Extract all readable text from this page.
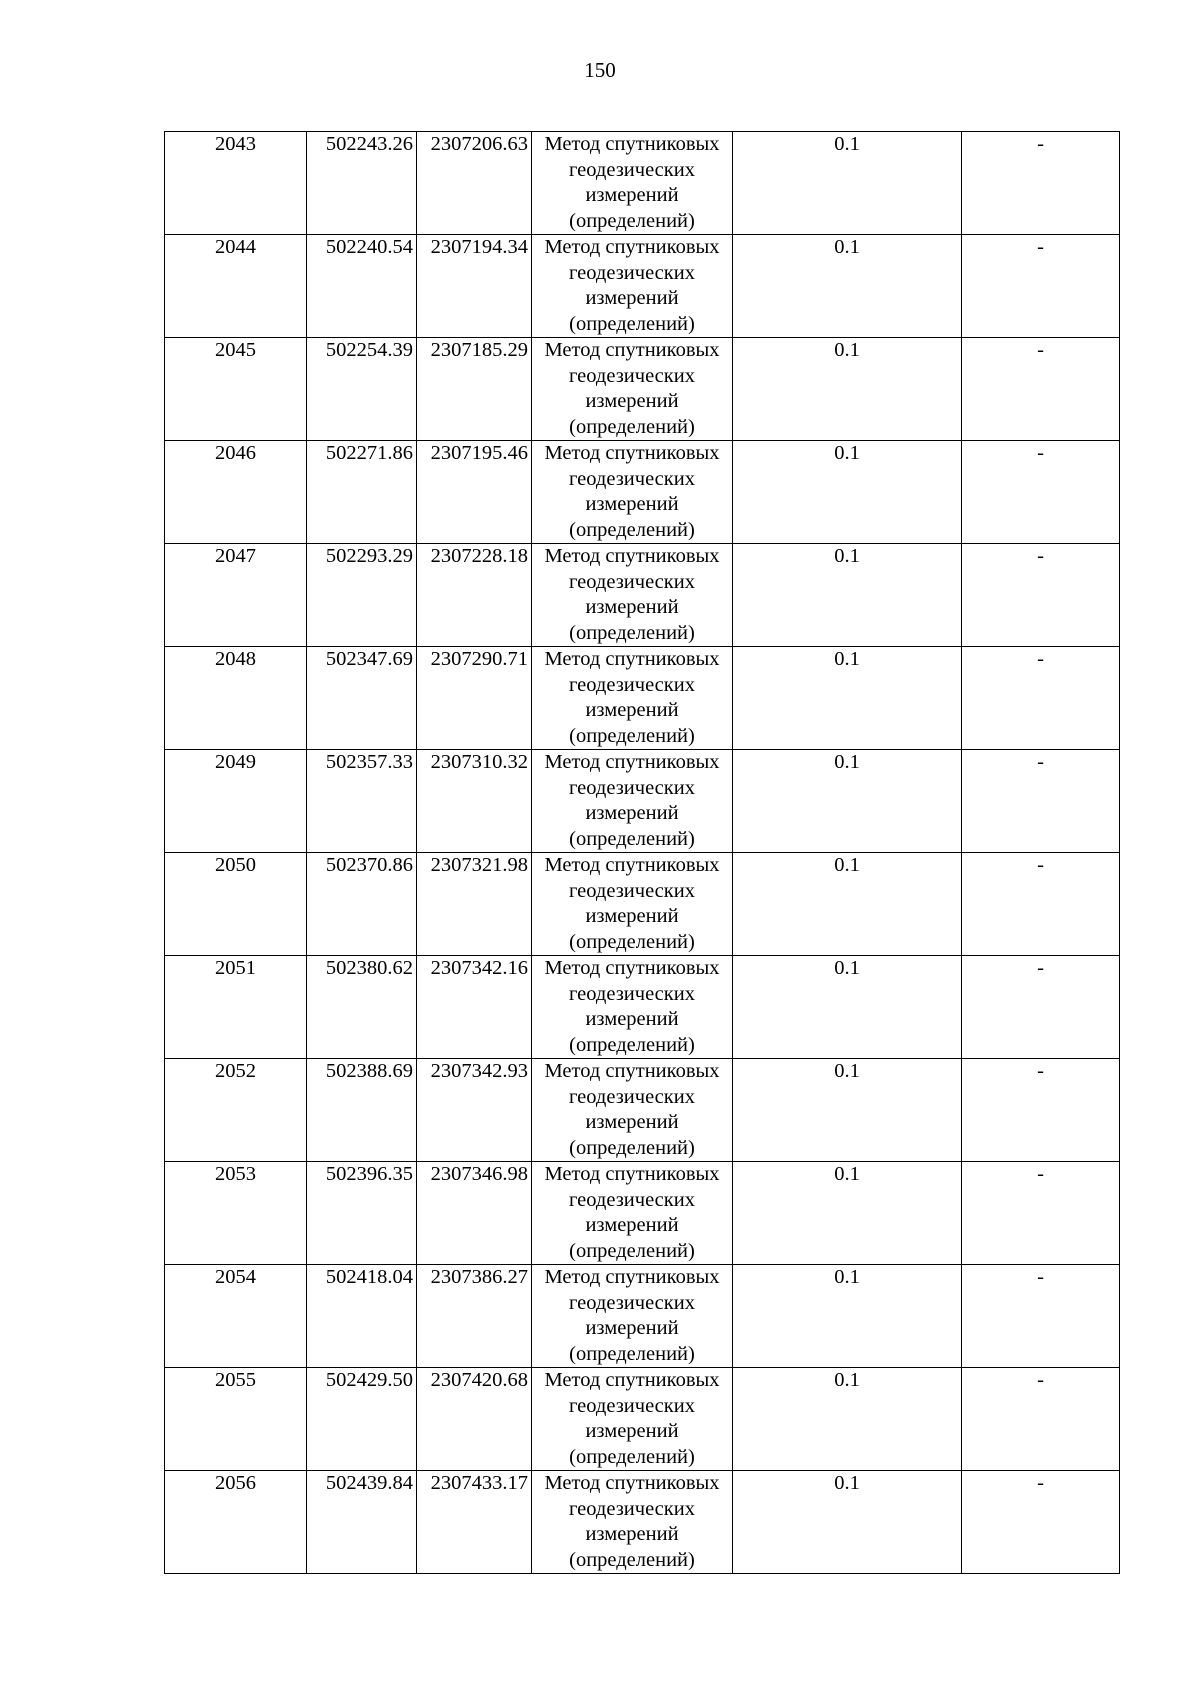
150
2043	502243.26	2307206.63	Метод спутниковых
геодезических
измерений
(определений)	0.1	-
2044	502240.54	2307194.34	Метод спутниковых
геодезических
измерений
(определений)	0.1	-
2045	502254.39	2307185.29	Метод спутниковых
геодезических
измерений
(определений)	0.1	-
2046	502271.86	2307195.46	Метод спутниковых
геодезических
измерений
(определений)	0.1	-
2047	502293.29	2307228.18	Метод спутниковых
геодезических
измерений
(определений)	0.1	-
2048	502347.69	2307290.71	Метод спутниковых
геодезических
измерений
(определений)	0.1	-
2049	502357.33	2307310.32	Метод спутниковых
геодезических
измерений
(определений)	0.1	-
2050	502370.86	2307321.98	Метод спутниковых
геодезических
измерений
(определений)	0.1	-
2051	502380.62	2307342.16	Метод спутниковых
геодезических
измерений
(определений)	0.1	-
2052	502388.69	2307342.93	Метод спутниковых
геодезических
измерений
(определений)	0.1	-
2053	502396.35	2307346.98	Метод спутниковых
геодезических
измерений
(определений)	0.1	-
2054	502418.04	2307386.27	Метод спутниковых
геодезических
измерений
(определений)	0.1	-
2055	502429.50	2307420.68	Метод спутниковых
геодезических
измерений
(определений)	0.1	-
2056	502439.84	2307433.17	Метод спутниковых
геодезических
измерений
(определений)	0.1	-
